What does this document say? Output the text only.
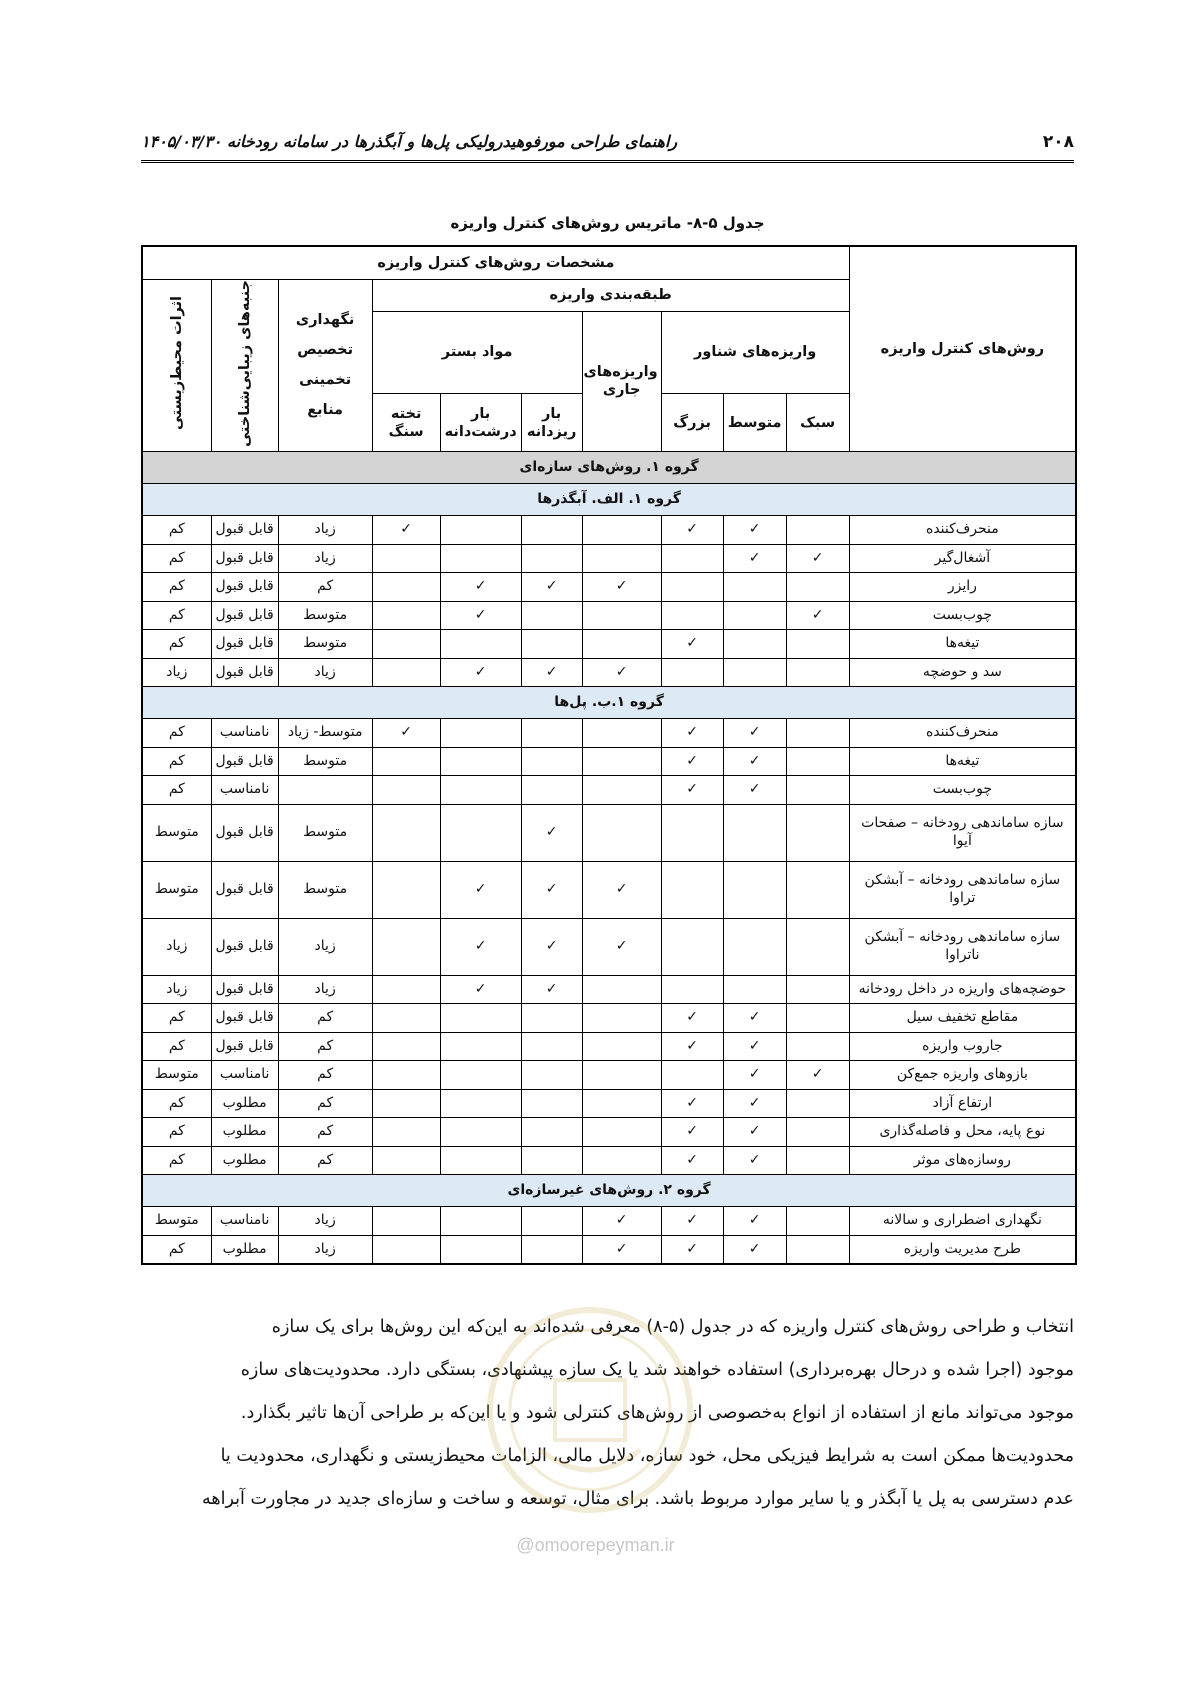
۲۰۸
راهنمای طراحی مورفوهیدرولیکی پل‌ها و آبگذرها در سامانه رودخانه ۱۴۰۵/۰۳/۳۰
جدول ۵-۸- ماتریس روش‌های کنترل واریزه
روش‌های کنترل واریزه	مشخصات روش‌های کنترل واریزه									
	طبقه‌بندی واریزه							نگهداری تخصیص تخمینی منابع	جنبه‌های زیبایی‌شناختی	اثرات محیط‌زیستی
	واریزه‌های شناور			واریزه‌های جاری	مواد بستر					
	سبک	متوسط	بزرگ		بار ریزدانه	بار درشت‌دانه	تخته سنگ			
گروه ۱. روش‌های سازه‌ای										
گروه ۱. الف. آبگذرها										
منحرف‌کننده		✓	✓				✓	زیاد	قابل قبول	کم
آشغال‌گیر	✓	✓						زیاد	قابل قبول	کم
رایزر				✓	✓	✓		کم	قابل قبول	کم
چوب‌بست	✓					✓		متوسط	قابل قبول	کم
تیغه‌ها			✓					متوسط	قابل قبول	کم
سد و حوضچه				✓	✓	✓		زیاد	قابل قبول	زیاد
گروه ۱.ب. پل‌ها										
منحرف‌کننده		✓	✓				✓	متوسط- زیاد	نامناسب	کم
تیغه‌ها		✓	✓					متوسط	قابل قبول	کم
چوب‌بست		✓	✓						نامناسب	کم
سازه ساماندهی رودخانه – صفحات آیوا					✓			متوسط	قابل قبول	متوسط
سازه ساماندهی رودخانه – آبشکن تراوا				✓	✓	✓		متوسط	قابل قبول	متوسط
سازه ساماندهی رودخانه – آبشکن ناتراوا				✓	✓	✓		زیاد	قابل قبول	زیاد
حوضچه‌های واریزه در داخل رودخانه					✓	✓		زیاد	قابل قبول	زیاد
مقاطع تخفیف سیل		✓	✓					کم	قابل قبول	کم
جاروب واریزه		✓	✓					کم	قابل قبول	کم
بازوهای واریزه جمع‌کن	✓	✓						کم	نامناسب	متوسط
ارتفاع آزاد		✓	✓					کم	مطلوب	کم
نوع پایه، محل و فاصله‌گذاری		✓	✓					کم	مطلوب	کم
روسازه‌های موثر		✓	✓					کم	مطلوب	کم
گروه ۲. روش‌های غیرسازه‌ای										
نگهداری اضطراری و سالانه		✓	✓	✓				زیاد	نامناسب	متوسط
طرح مدیریت واریزه		✓	✓	✓				زیاد	مطلوب	کم

انتخاب و طراحی روش‌های کنترل واریزه که در جدول (۵-۸) معرفی شده‌اند به این‌که این روش‌ها برای یک سازه

موجود (اجرا شده و درحال بهره‌برداری) استفاده خواهند شد یا یک سازه پیشنهادی، بستگی دارد. محدودیت‌های سازه

موجود می‌تواند مانع از استفاده از انواع به‌خصوصی از روش‌های کنترلی شود و یا این‌که بر طراحی آن‌ها تاثیر بگذارد.

محدودیت‌ها ممکن است به شرایط فیزیکی محل، خود سازه، دلایل مالی، الزامات محیط‌زیستی و نگهداری، محدودیت یا

عدم دسترسی به پل یا آبگذر و یا سایر موارد مربوط باشد. برای مثال، توسعه و ساخت و سازه‌ای جدید در مجاورت آبراهه

@omoorepeyman.ir
